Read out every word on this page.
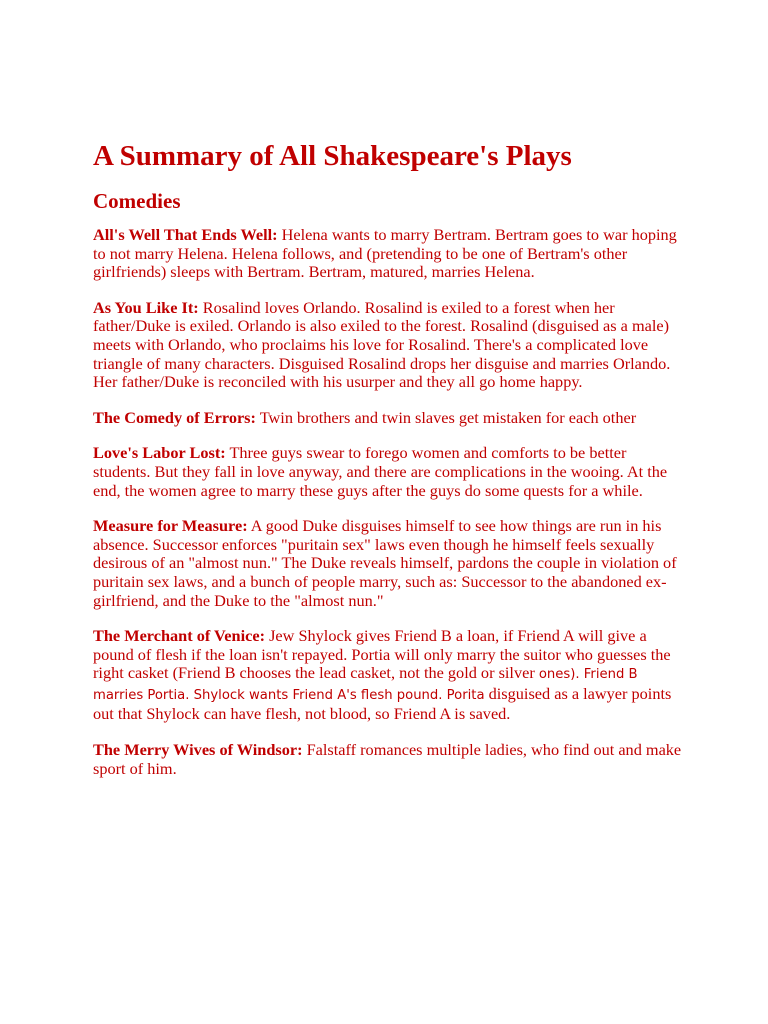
A Summary of All Shakespeare's Plays
Comedies

All's Well That Ends Well: Helena wants to marry Bertram. Bertram goes to war hoping to not marry Helena. Helena follows, and (pretending to be one of Bertram's other girlfriends) sleeps with Bertram. Bertram, matured, marries Helena.

As You Like It: Rosalind loves Orlando. Rosalind is exiled to a forest when her father/Duke is exiled. Orlando is also exiled to the forest. Rosalind (disguised as a male) meets with Orlando, who proclaims his love for Rosalind. There's a complicated love triangle of many characters. Disguised Rosalind drops her disguise and marries Orlando. Her father/Duke is reconciled with his usurper and they all go home happy.

The Comedy of Errors: Twin brothers and twin slaves get mistaken for each other

Love's Labor Lost: Three guys swear to forego women and comforts to be better students. But they fall in love anyway, and there are complications in the wooing. At the end, the women agree to marry these guys after the guys do some quests for a while.

Measure for Measure: A good Duke disguises himself to see how things are run in his absence. Successor enforces "puritain sex" laws even though he himself feels sexually desirous of an "almost nun." The Duke reveals himself, pardons the couple in violation of puritain sex laws, and a bunch of people marry, such as: Successor to the abandoned ex-girlfriend, and the Duke to the "almost nun."

The Merchant of Venice: Jew Shylock gives Friend B a loan, if Friend A will give a pound of flesh if the loan isn't repayed. Portia will only marry the suitor who guesses the right casket (Friend B chooses the lead casket, not the gold or silver ones). Friend B marries Portia. Shylock wants Friend A's flesh pound. Porita disguised as a lawyer points out that Shylock can have flesh, not blood, so Friend A is saved.

The Merry Wives of Windsor: Falstaff romances multiple ladies, who find out and make sport of him.
